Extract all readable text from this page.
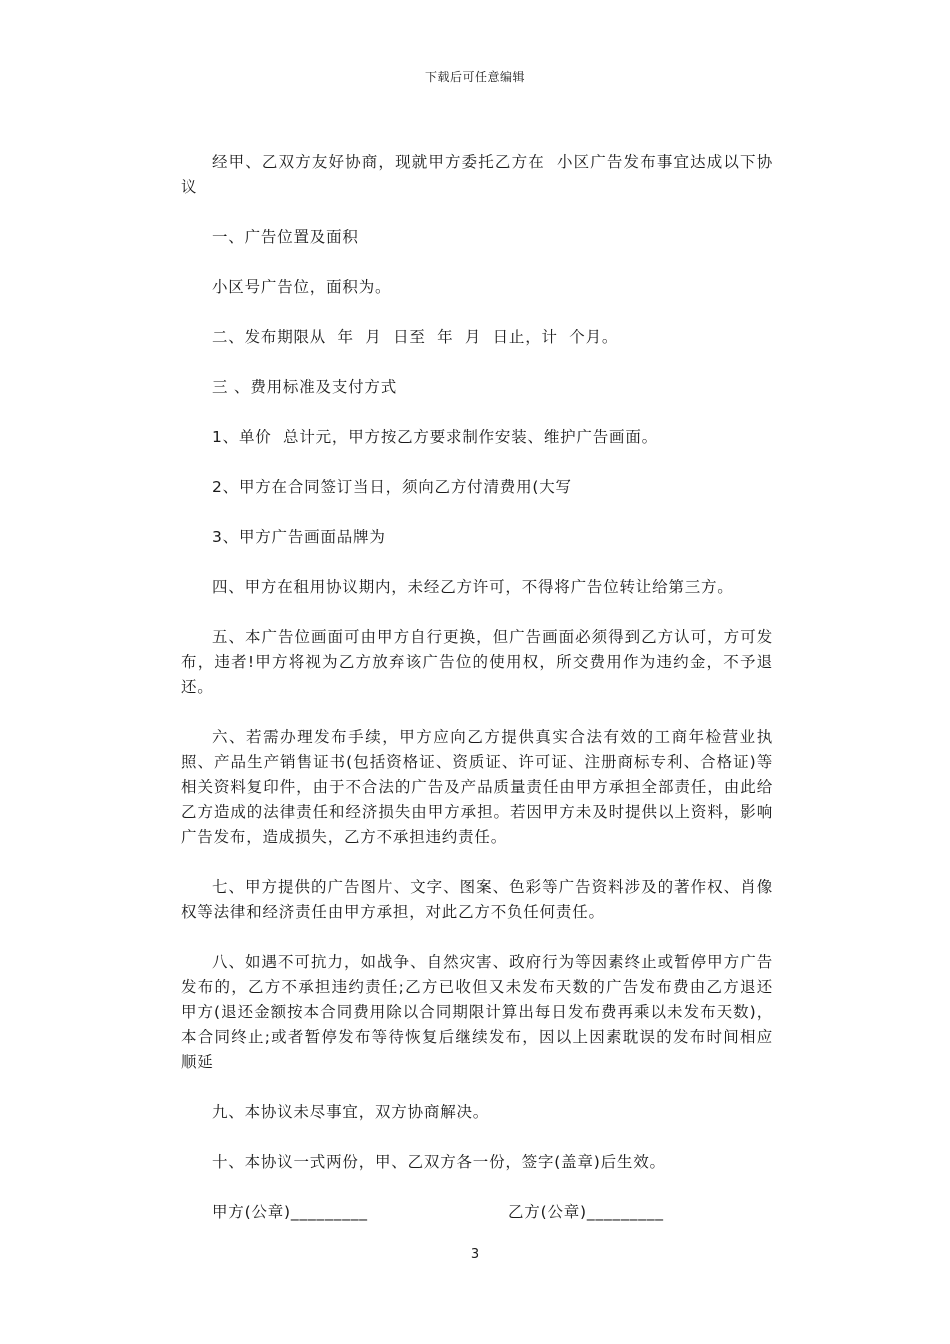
下载后可任意编辑

经甲、乙双方友好协商，现就甲方委托乙方在  小区广告发布事宜达成以下协议

一、广告位置及面积

小区号广告位，面积为。

二、发布期限从  年  月  日至  年  月  日止，计  个月。

三 、费用标准及支付方式

1、单价  总计元，甲方按乙方要求制作安装、维护广告画面。

2、甲方在合同签订当日，须向乙方付清费用(大写

3、甲方广告画面品牌为

四、甲方在租用协议期内，未经乙方许可，不得将广告位转让给第三方。

五、本广告位画面可由甲方自行更换，但广告画面必须得到乙方认可，方可发布，违者!甲方将视为乙方放弃该广告位的使用权，所交费用作为违约金，不予退还。

六、若需办理发布手续，甲方应向乙方提供真实合法有效的工商年检营业执照、产品生产销售证书(包括资格证、资质证、许可证、注册商标专利、合格证)等相关资料复印件，由于不合法的广告及产品质量责任由甲方承担全部责任，由此给乙方造成的法律责任和经济损失由甲方承担。若因甲方未及时提供以上资料，影响广告发布，造成损失，乙方不承担违约责任。

七、甲方提供的广告图片、文字、图案、色彩等广告资料涉及的著作权、肖像权等法律和经济责任由甲方承担，对此乙方不负任何责任。

八、如遇不可抗力，如战争、自然灾害、政府行为等因素终止或暂停甲方广告发布的，乙方不承担违约责任;乙方已收但又未发布天数的广告发布费由乙方退还甲方(退还金额按本合同费用除以合同期限计算出每日发布费再乘以未发布天数)，本合同终止;或者暂停发布等待恢复后继续发布，因以上因素耽误的发布时间相应顺延

九、本协议未尽事宜，双方协商解决。

十、本协议一式两份，甲、乙双方各一份，签字(盖章)后生效。

甲方(公章)_________	乙方(公章)_________
3
